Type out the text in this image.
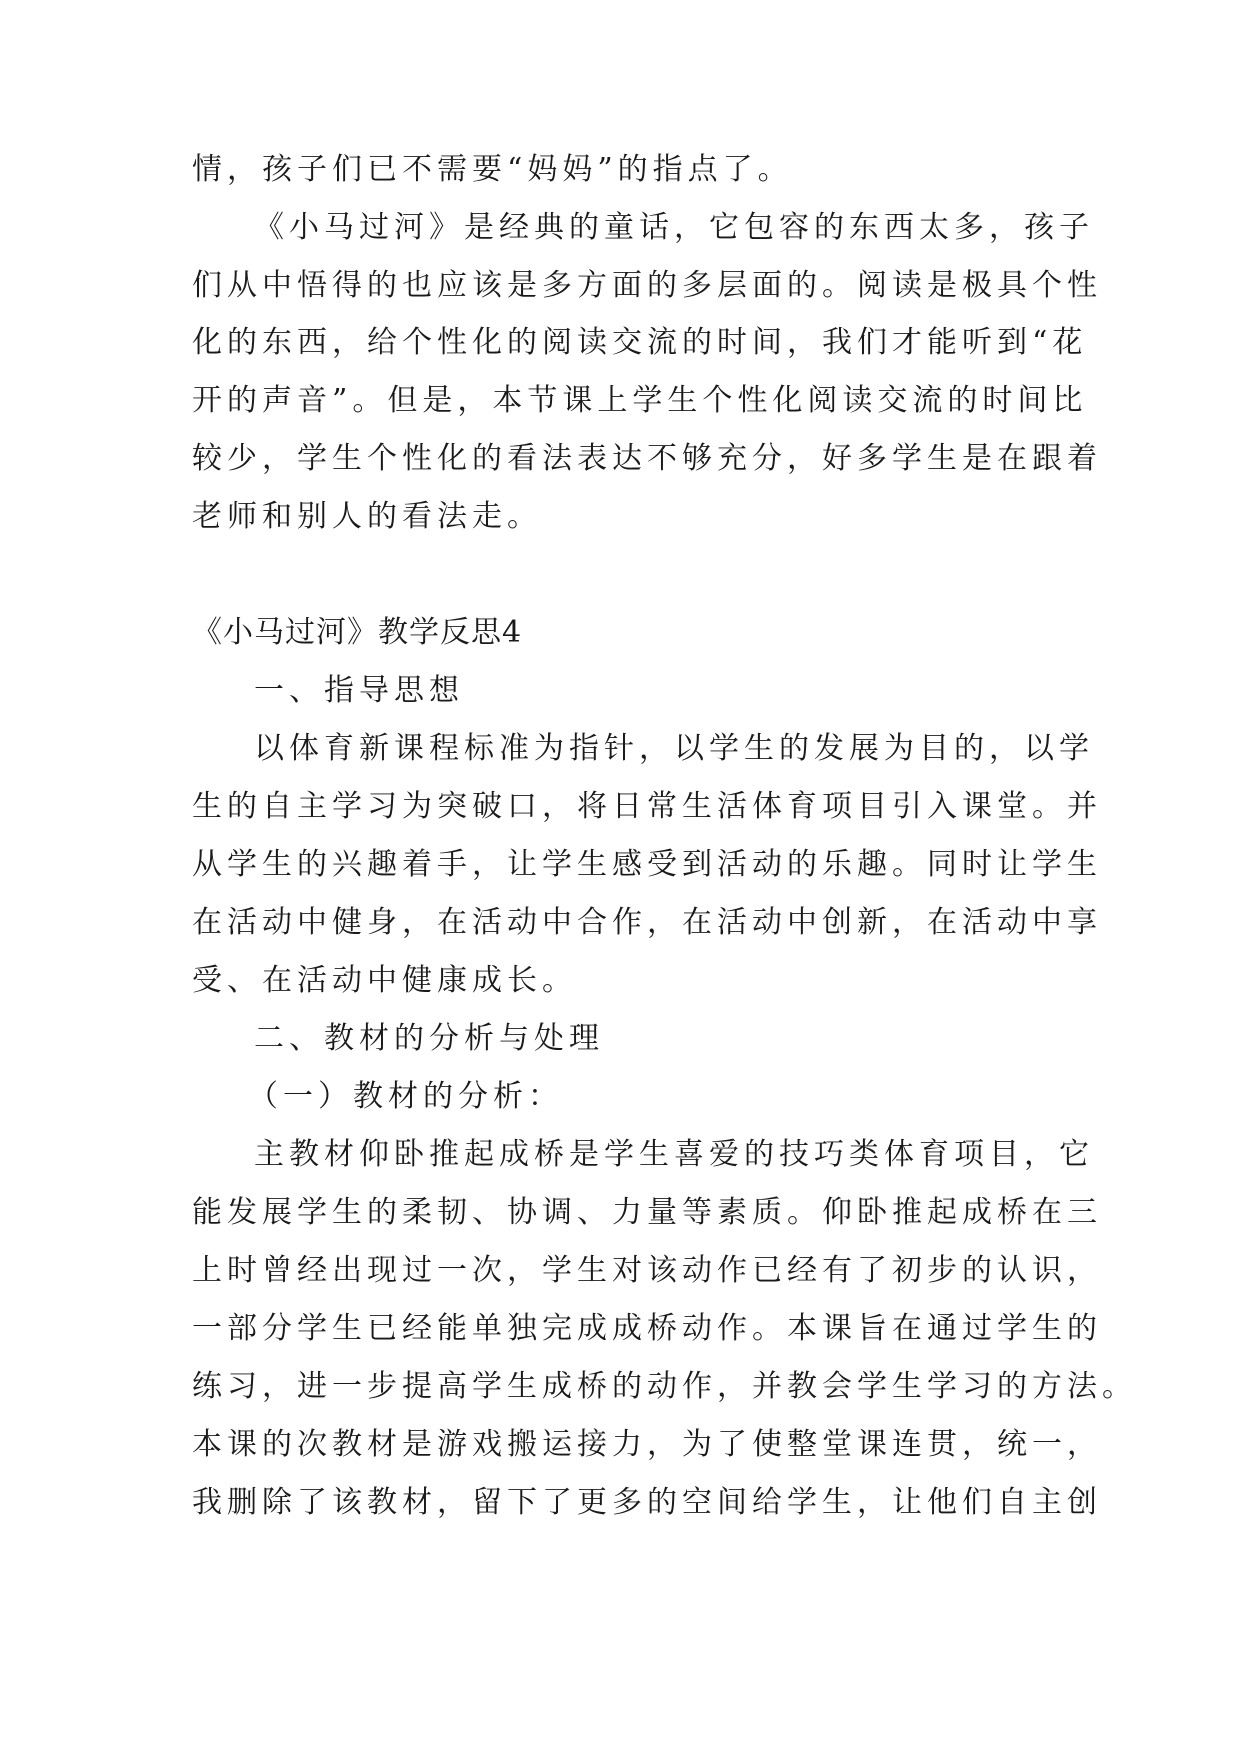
情，孩子们已不需要“妈妈”的指点了。
《小马过河》是经典的童话，它包容的东西太多，孩子
们从中悟得的也应该是多方面的多层面的。阅读是极具个性
化的东西，给个性化的阅读交流的时间，我们才能听到“花
开的声音”。但是，本节课上学生个性化阅读交流的时间比
较少，学生个性化的看法表达不够充分，好多学生是在跟着
老师和别人的看法走。
《小马过河》教学反思4
一、指导思想
以体育新课程标准为指针，以学生的发展为目的，以学
生的自主学习为突破口，将日常生活体育项目引入课堂。并
从学生的兴趣着手，让学生感受到活动的乐趣。同时让学生
在活动中健身，在活动中合作，在活动中创新，在活动中享
受、在活动中健康成长。
二、教材的分析与处理
（一）教材的分析：
主教材仰卧推起成桥是学生喜爱的技巧类体育项目，它
能发展学生的柔韧、协调、力量等素质。仰卧推起成桥在三
上时曾经出现过一次，学生对该动作已经有了初步的认识，
一部分学生已经能单独完成成桥动作。本课旨在通过学生的
练习，进一步提高学生成桥的动作，并教会学生学习的方法。
本课的次教材是游戏搬运接力，为了使整堂课连贯，统一，
我删除了该教材，留下了更多的空间给学生，让他们自主创
